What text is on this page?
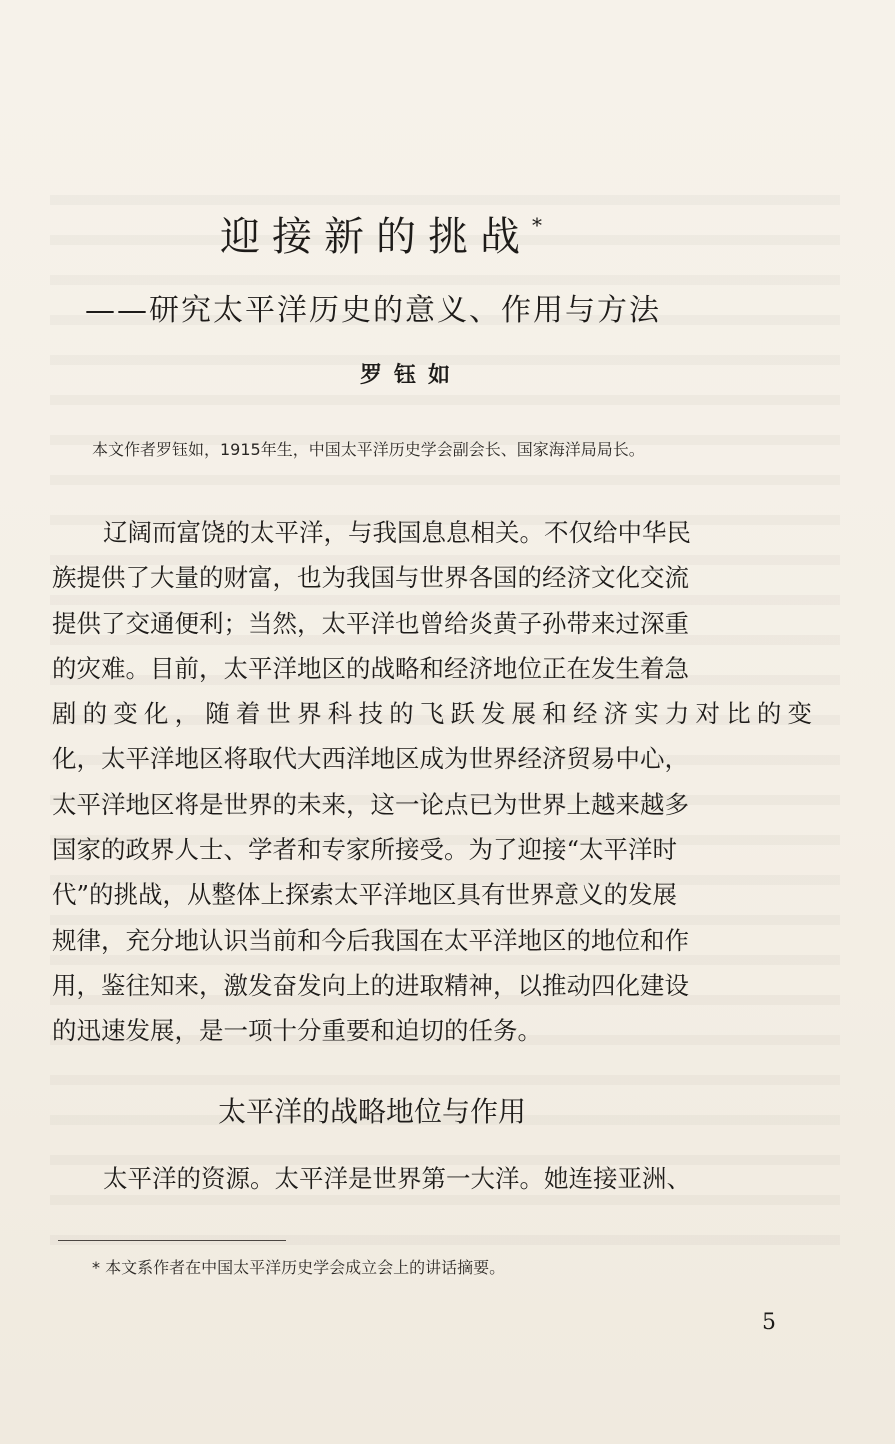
迎接新的挑战*
——研究太平洋历史的意义、作用与方法
罗钰如
本文作者罗钰如，1915年生，中国太平洋历史学会副会长、国家海洋局局长。
辽阔而富饶的太平洋，与我国息息相关。不仅给中华民
族提供了大量的财富，也为我国与世界各国的经济文化交流
提供了交通便利；当然，太平洋也曾给炎黄子孙带来过深重
的灾难。目前，太平洋地区的战略和经济地位正在发生着急
剧的变化，随着世界科技的飞跃发展和经济实力对比的变
化，太平洋地区将取代大西洋地区成为世界经济贸易中心，
太平洋地区将是世界的未来，这一论点已为世界上越来越多
国家的政界人士、学者和专家所接受。为了迎接“太平洋时
代”的挑战，从整体上探索太平洋地区具有世界意义的发展
规律，充分地认识当前和今后我国在太平洋地区的地位和作
用，鉴往知来，激发奋发向上的进取精神，以推动四化建设
的迅速发展，是一项十分重要和迫切的任务。
太平洋的战略地位与作用
太平洋的资源。太平洋是世界第一大洋。她连接亚洲、
* 本文系作者在中国太平洋历史学会成立会上的讲话摘要。
5
